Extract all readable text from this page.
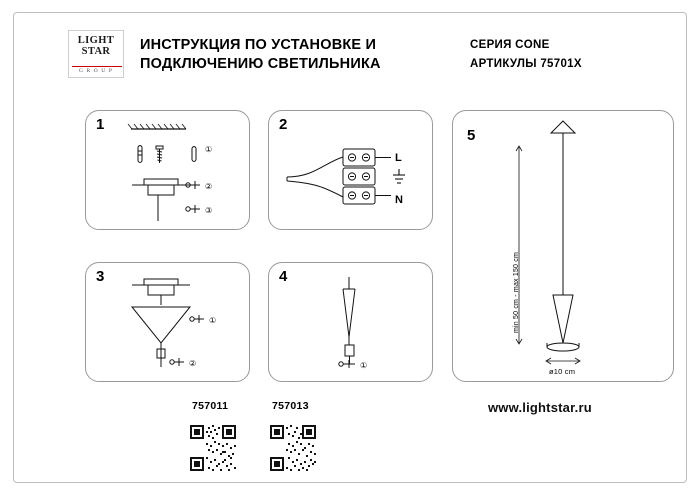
LIGHT
STAR
G R O U P
ИНСТРУКЦИЯ ПО УСТАНОВКЕ И
ПОДКЛЮЧЕНИЮ СВЕТИЛЬНИКА
СЕРИЯ CONE
АРТИКУЛЫ 75701X
1
①
②
③
2
L
N
3
①
②
4
①
5
min 50 cm - max 150 cm
ø10 cm
757011	757013	www.lightstar.ru
